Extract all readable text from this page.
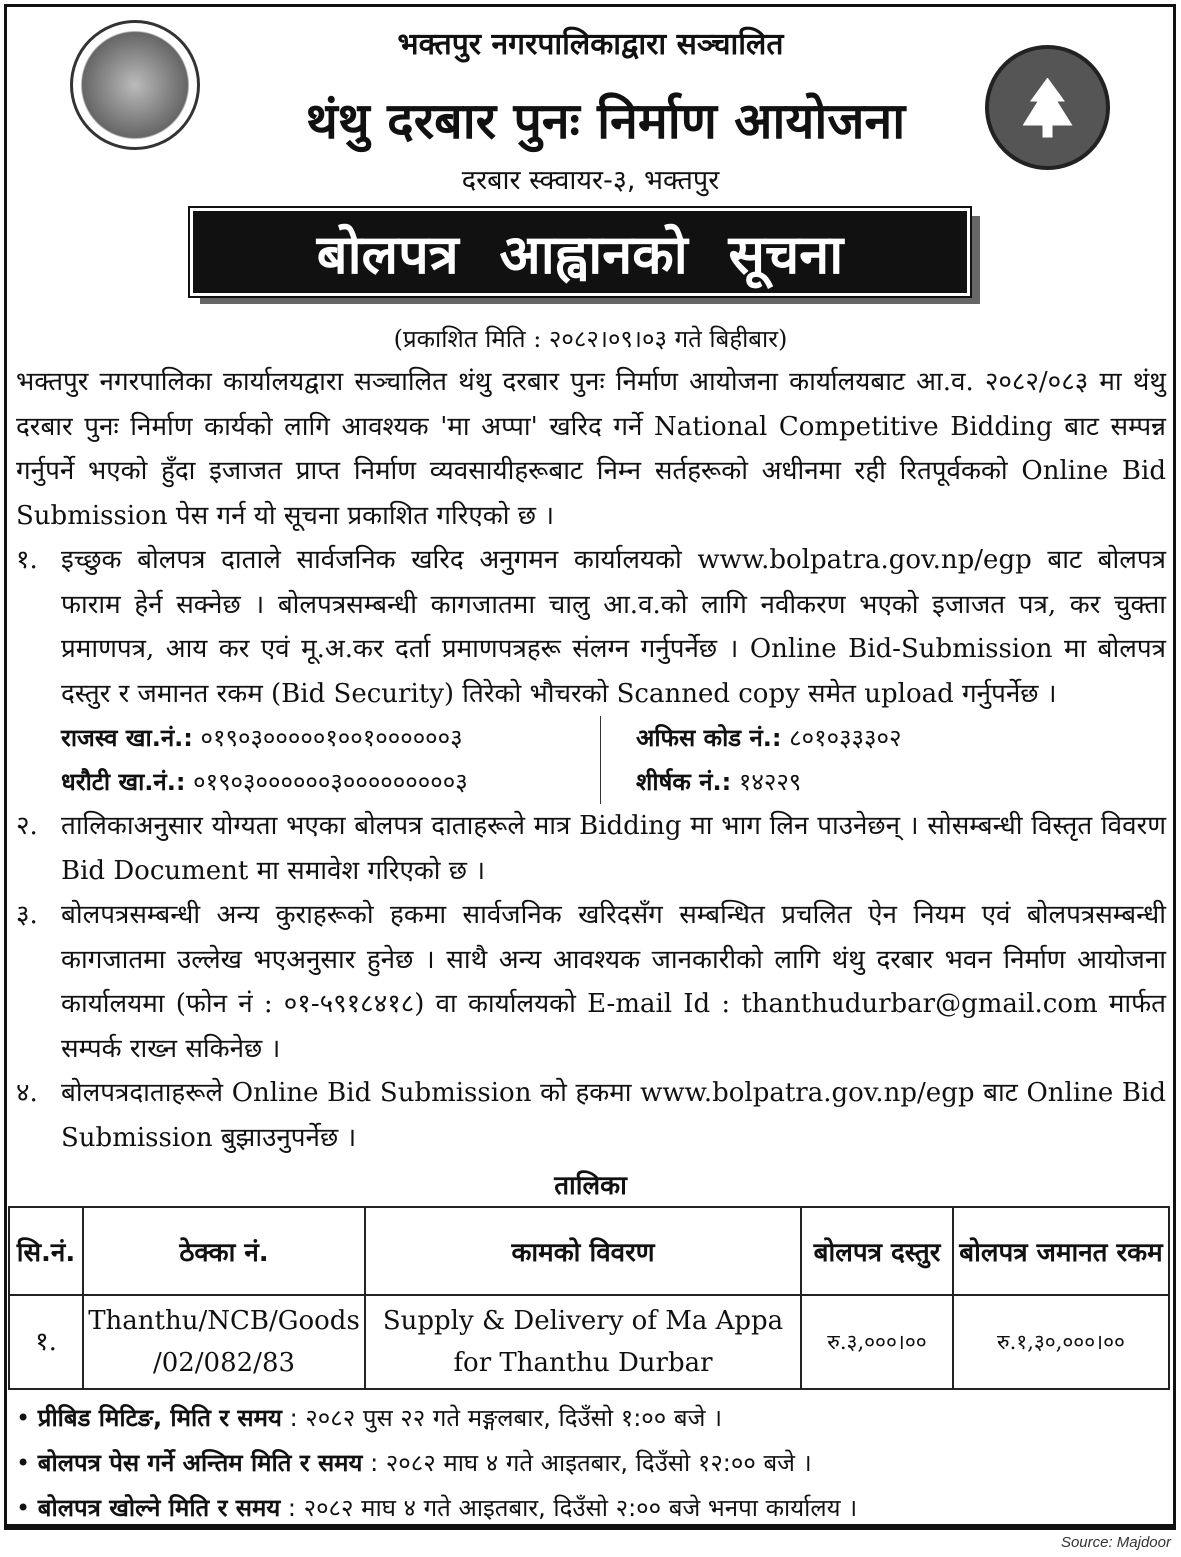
भक्तपुर नगरपालिकाद्वारा सञ्चालित
थंथु दरबार पुनः निर्माण आयोजना
दरबार स्क्वायर-३, भक्तपुर
बोलपत्र आह्वानको सूचना
(प्रकाशित मिति : २०८२।०९।०३ गते बिहीबार)

भक्तपुर नगरपालिका कार्यालयद्वारा सञ्चालित थंथु दरबार पुनः निर्माण आयोजना कार्यालयबाट आ.व. २०८२/०८३ मा थंथु दरबार पुनः निर्माण कार्यको लागि आवश्यक 'मा अप्पा' खरिद गर्ने National Competitive Bidding बाट सम्पन्न गर्नुपर्ने भएको हुँदा इजाजत प्राप्त निर्माण व्यवसायीहरूबाट निम्न सर्तहरूको अधीनमा रही रितपूर्वकको Online Bid Submission पेस गर्न यो सूचना प्रकाशित गरिएको छ ।

१. इच्छुक बोलपत्र दाताले सार्वजनिक खरिद अनुगमन कार्यालयको www.bolpatra.gov.np/egp बाट बोलपत्र फाराम हेर्न सक्नेछ । बोलपत्रसम्बन्धी कागजातमा चालु आ.व.को लागि नवीकरण भएको इजाजत पत्र, कर चुक्ता प्रमाणपत्र, आय कर एवं मू.अ.कर दर्ता प्रमाणपत्रहरू संलग्न गर्नुपर्नेछ । Online Bid-Submission मा बोलपत्र दस्तुर र जमानत रकम (Bid Security) तिरेको भौचरको Scanned copy समेत upload गर्नुपर्नेछ ।
राजस्व खा.नं.: ०१९०३०००००१००१००००००३
धरौटी खा.नं.: ०१९०३००००००३०००००००००३
अफिस कोड नं.: ८०१०३३३०२
शीर्षक नं.: १४२२९
२. तालिकाअनुसार योग्यता भएका बोलपत्र दाताहरूले मात्र Bidding मा भाग लिन पाउनेछन् । सोसम्बन्धी विस्तृत विवरण Bid Document मा समावेश गरिएको छ ।
३. बोलपत्रसम्बन्धी अन्य कुराहरूको हकमा सार्वजनिक खरिदसँग सम्बन्धित प्रचलित ऐन नियम एवं बोलपत्रसम्बन्धी कागजातमा उल्लेख भएअनुसार हुनेछ । साथै अन्य आवश्यक जानकारीको लागि थंथु दरबार भवन निर्माण आयोजना कार्यालयमा (फोन नं : ०१-५९१८४१८) वा कार्यालयको E-mail Id : thanthudurbar@gmail.com मार्फत सम्पर्क राख्न सकिनेछ ।
४. बोलपत्रदाताहरूले Online Bid Submission को हकमा www.bolpatra.gov.np/egp बाट Online Bid Submission बुझाउनुपर्नेछ ।
तालिका
सि.नं.	ठेक्का नं.	कामको विवरण	बोलपत्र दस्तुर	बोलपत्र जमानत रकम
१.	Thanthu/NCB/Goods /02/082/83	Supply & Delivery of Ma Appa for Thanthu Durbar	रु.३,०००।००	रु.१,३०,०००।००
• प्रीबिड मिटिङ, मिति र समय : २०८२ पुस २२ गते मङ्गलबार, दिउँसो १:०० बजे ।
• बोलपत्र पेस गर्ने अन्तिम मिति र समय : २०८२ माघ ४ गते आइतबार, दिउँसो १२:०० बजे ।
• बोलपत्र खोल्ने मिति र समय : २०८२ माघ ४ गते आइतबार, दिउँसो २:०० बजे भनपा कार्यालय ।
Source: Majdoor
